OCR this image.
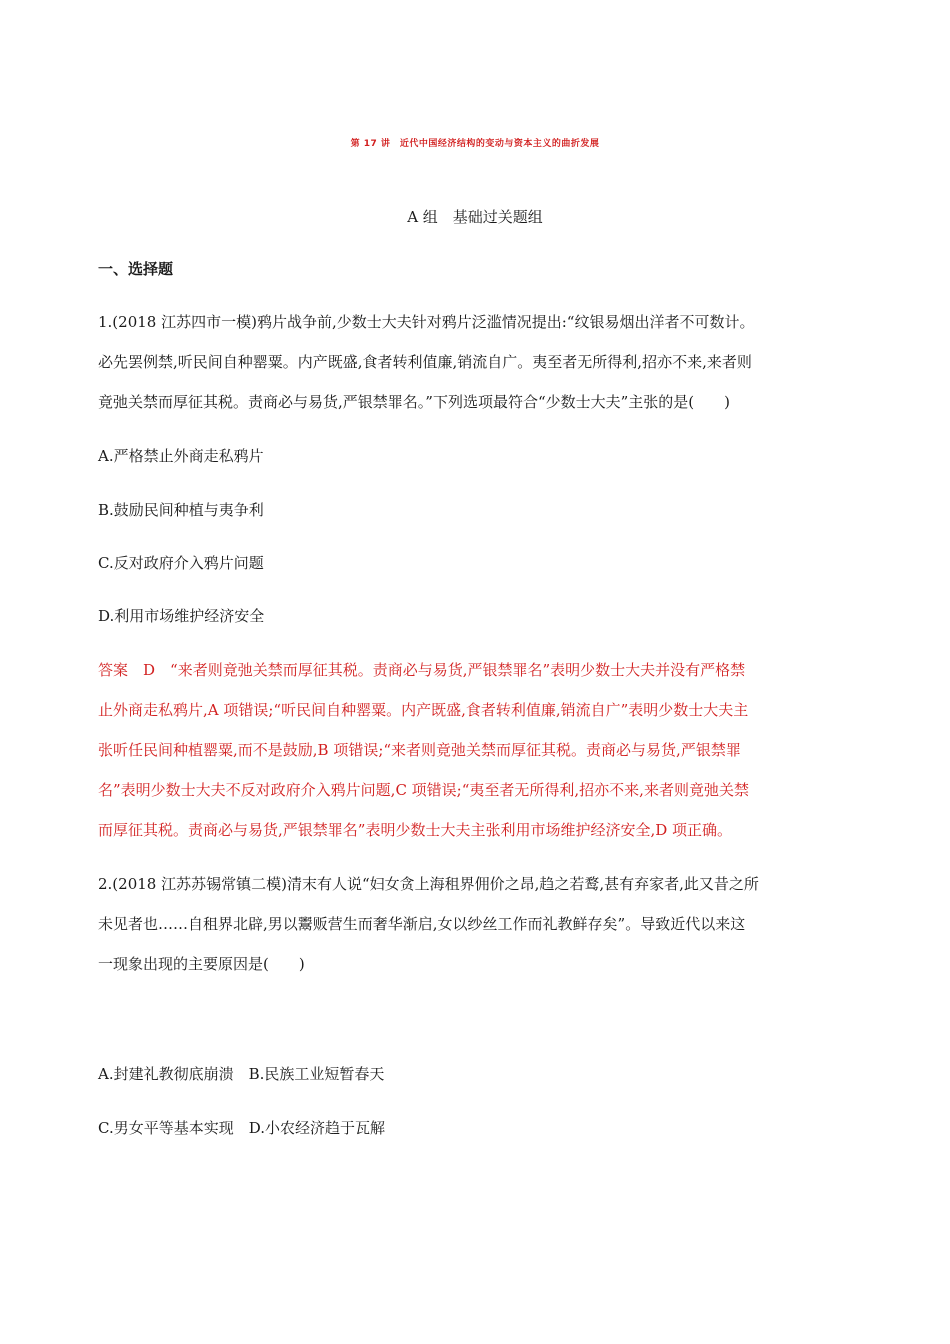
第 17 讲　近代中国经济结构的变动与资本主义的曲折发展
A 组　基础过关题组
一、选择题
1.(2018 江苏四市一模)鸦片战争前,少数士大夫针对鸦片泛滥情况提出:“纹银易烟出洋者不可数计。
必先罢例禁,听民间自种罂粟。内产既盛,食者转利值廉,销流自广。夷至者无所得利,招亦不来,来者则
竟弛关禁而厚征其税。责商必与易货,严银禁罪名。”下列选项最符合“少数士大夫”主张的是(　　)
A.严格禁止外商走私鸦片
B.鼓励民间种植与夷争利
C.反对政府介入鸦片问题
D.利用市场维护经济安全
答案　D　“来者则竟弛关禁而厚征其税。责商必与易货,严银禁罪名”表明少数士大夫并没有严格禁
止外商走私鸦片,A 项错误;“听民间自种罂粟。内产既盛,食者转利值廉,销流自广”表明少数士大夫主
张听任民间种植罂粟,而不是鼓励,B 项错误;“来者则竟弛关禁而厚征其税。责商必与易货,严银禁罪
名”表明少数士大夫不反对政府介入鸦片问题,C 项错误;“夷至者无所得利,招亦不来,来者则竟弛关禁
而厚征其税。责商必与易货,严银禁罪名”表明少数士大夫主张利用市场维护经济安全,D 项正确。
2.(2018 江苏苏锡常镇二模)清末有人说“妇女贪上海租界佣价之昂,趋之若鹜,甚有弃家者,此又昔之所
未见者也……自租界北辟,男以鬻贩营生而奢华渐启,女以纱丝工作而礼教鲜存矣”。导致近代以来这
一现象出现的主要原因是(　　)
A.封建礼教彻底崩溃　B.民族工业短暂春天
C.男女平等基本实现　D.小农经济趋于瓦解
